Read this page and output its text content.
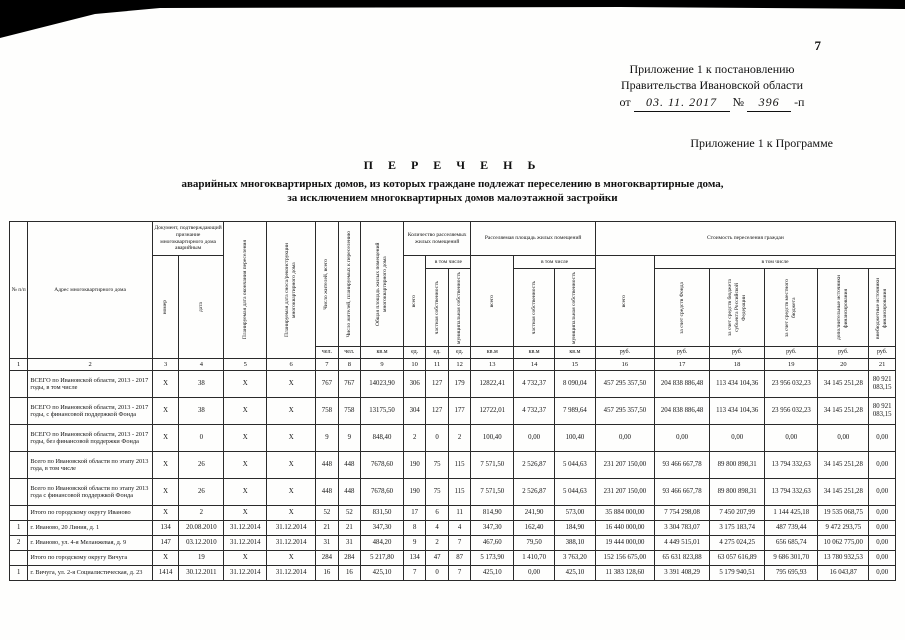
7
Приложение 1 к постановлению
Правительства Ивановской области
от 03. 11. 2017 № 396 -п
Приложение 1 к Программе
П Е Р Е Ч Е Н Ь
аварийных многоквартирных домов, из которых граждане подлежат переселению в многоквартирные дома,
за исключением многоквартирных домов малоэтажной застройки
№ п/п	Адрес многоквартирного дома	Документ, подтверждающий признание многоквартирного дома аварийным		Планируемая дата окончания переселения	Планируемая дата сноса/реконструкции многоквартирного дома	Число жителей, всего	Число жителей, планируемых к переселению	Общая площадь жилых помещений многоквартирного дома	Количество расселяемых жилых помещений			Расселяемая площадь жилых помещений			Стоимость переселения граждан					

		номер	дата						всего	в том числе		всего	в том числе		всего	в том числе				

										частная собственность	муниципальная собственность		частная собственность	муниципальная собственность		за счет средств Фонда	за счет средств бюджета субъекта Российской Федерации	за счет средств местного бюджета	дополнительные источники финансирования	внебюджетные источники финансирования

						чел.	чел.	кв.м	ед.	ед.	ед.	кв.м	кв.м	кв.м	руб.	руб.	руб.	руб.	руб.	руб.
1	2	3	4	5	6	7	8	9	10	11	12	13	14	15	16	17	18	19	20	21
	ВСЕГО по Ивановской области, 2013 - 2017 годы, в том числе	X	38	X	X	767	767	14023,90	306	127	179	12822,41	4 732,37	8 090,04	457 295 357,50	204 838 886,48	113 434 104,36	23 956 032,23	34 145 251,28	80 921 083,15
	ВСЕГО по Ивановской области, 2013 - 2017 годы, с финансовой поддержкой Фонда	X	38	X	X	758	758	13175,50	304	127	177	12722,01	4 732,37	7 989,64	457 295 357,50	204 838 886,48	113 434 104,36	23 956 032,23	34 145 251,28	80 921 083,15
	ВСЕГО по Ивановской области, 2013 - 2017 годы, без финансовой поддержки Фонда	X	0	X	X	9	9	848,40	2	0	2	100,40	0,00	100,40	0,00	0,00	0,00	0,00	0,00	0,00
	Всего по Ивановской области по этапу 2013 года, в том числе	X	26	X	X	448	448	7678,60	190	75	115	7 571,50	2 526,87	5 044,63	231 207 150,00	93 466 667,78	89 800 898,31	13 794 332,63	34 145 251,28	0,00
	Всего по Ивановской области по этапу 2013 года с финансовой поддержкой Фонда	X	26	X	X	448	448	7678,60	190	75	115	7 571,50	2 526,87	5 044,63	231 207 150,00	93 466 667,78	89 800 898,31	13 794 332,63	34 145 251,28	0,00
	Итого по городскому округу Иваново	X	2	X	X	52	52	831,50	17	6	11	814,90	241,90	573,00	35 884 000,00	7 754 298,08	7 450 207,99	1 144 425,18	19 535 068,75	0,00
1	г. Иваново, 20 Линия, д. 1	134	20.08.2010	31.12.2014	31.12.2014	21	21	347,30	8	4	4	347,30	162,40	184,90	16 440 000,00	3 304 783,07	3 175 183,74	487 739,44	9 472 293,75	0,00
2	г. Иваново, ул. 4-я Меланжевая, д. 9	147	03.12.2010	31.12.2014	31.12.2014	31	31	484,20	9	2	7	467,60	79,50	388,10	19 444 000,00	4 449 515,01	4 275 024,25	656 685,74	10 062 775,00	0,00
	Итого по городскому округу Вичуга	X	19	X	X	284	284	5 217,80	134	47	87	5 173,90	1 410,70	3 763,20	152 156 675,00	65 631 823,88	63 057 616,89	9 686 301,70	13 780 932,53	0,00
1	г. Вичуга, ул. 2-я Социалистическая, д. 23	1414	30.12.2011	31.12.2014	31.12.2014	16	16	425,10	7	0	7	425,10	0,00	425,10	11 383 128,60	3 391 408,29	5 179 940,51	795 695,93	16 043,87	0,00
